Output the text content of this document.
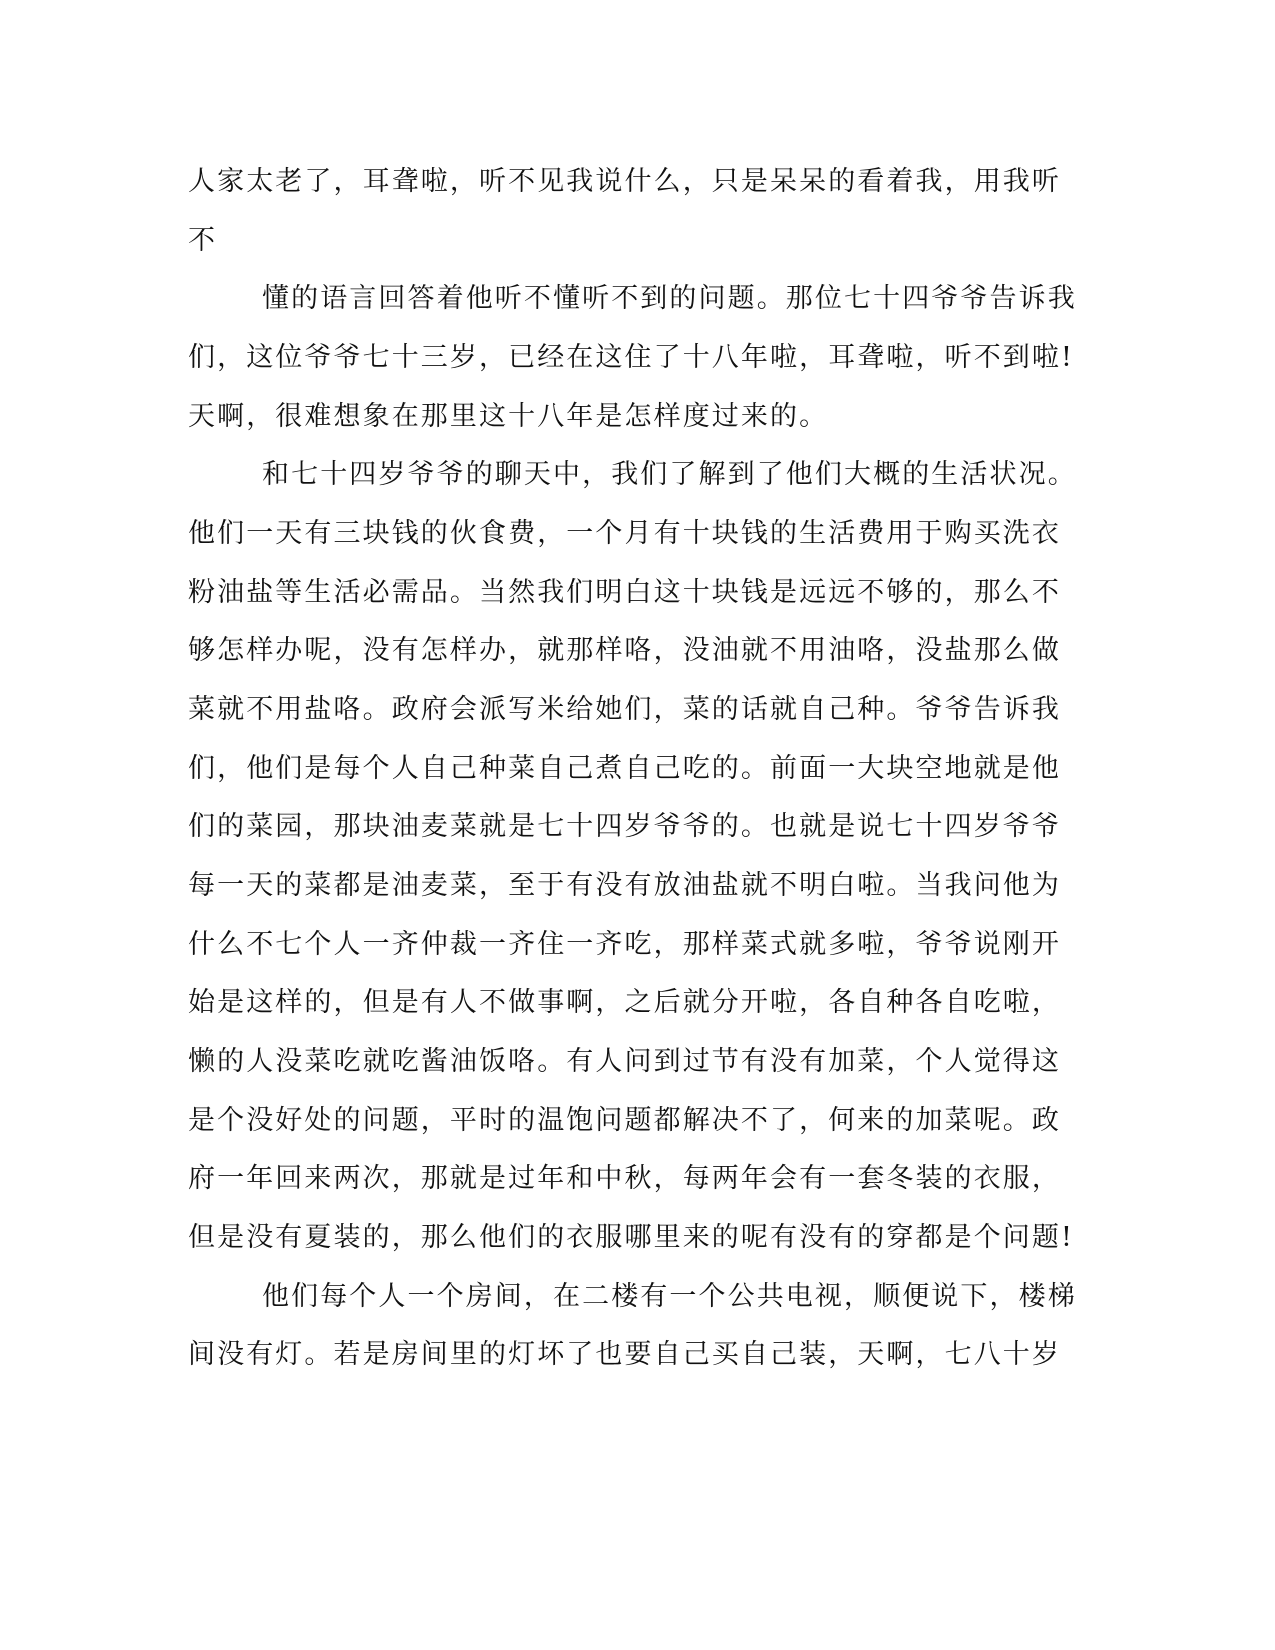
人家太老了，耳聋啦，听不见我说什么，只是呆呆的看着我，用我听

不

懂的语言回答着他听不懂听不到的问题。那位七十四爷爷告诉我

们，这位爷爷七十三岁，已经在这住了十八年啦，耳聋啦，听不到啦!

天啊，很难想象在那里这十八年是怎样度过来的。

和七十四岁爷爷的聊天中，我们了解到了他们大概的生活状况。

他们一天有三块钱的伙食费，一个月有十块钱的生活费用于购买洗衣

粉油盐等生活必需品。当然我们明白这十块钱是远远不够的，那么不

够怎样办呢，没有怎样办，就那样咯，没油就不用油咯，没盐那么做

菜就不用盐咯。政府会派写米给她们，菜的话就自己种。爷爷告诉我

们，他们是每个人自己种菜自己煮自己吃的。前面一大块空地就是他

们的菜园，那块油麦菜就是七十四岁爷爷的。也就是说七十四岁爷爷

每一天的菜都是油麦菜，至于有没有放油盐就不明白啦。当我问他为

什么不七个人一齐仲裁一齐住一齐吃，那样菜式就多啦，爷爷说刚开

始是这样的，但是有人不做事啊，之后就分开啦，各自种各自吃啦，

懒的人没菜吃就吃酱油饭咯。有人问到过节有没有加菜，个人觉得这

是个没好处的问题，平时的温饱问题都解决不了，何来的加菜呢。政

府一年回来两次，那就是过年和中秋，每两年会有一套冬装的衣服，

但是没有夏装的，那么他们的衣服哪里来的呢有没有的穿都是个问题!

他们每个人一个房间，在二楼有一个公共电视，顺便说下，楼梯

间没有灯。若是房间里的灯坏了也要自己买自己装，天啊，七八十岁
